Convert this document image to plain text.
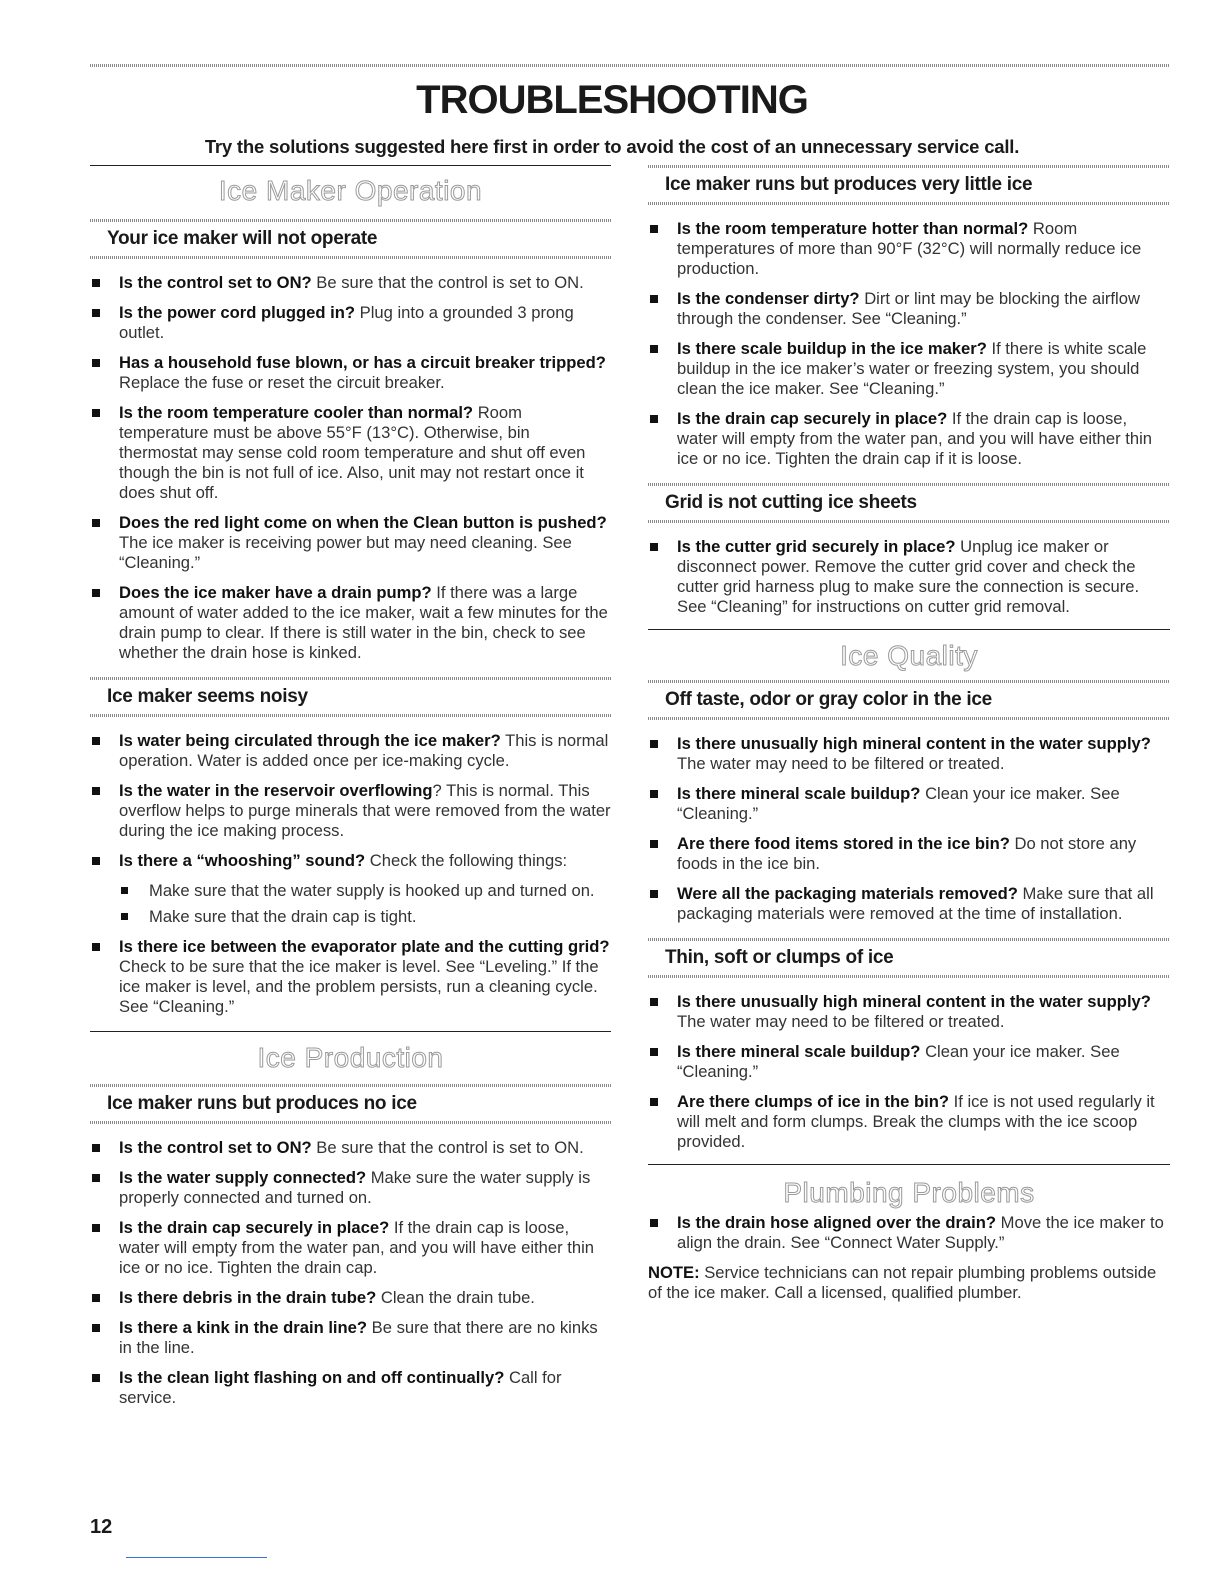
TROUBLESHOOTING

Try the solutions suggested here first in order to avoid the cost of an unnecessary service call.

Ice Maker Operation
Your ice maker will not operate
Is the control set to ON? Be sure that the control is set to ON.
Is the power cord plugged in? Plug into a grounded 3 prong outlet.
Has a household fuse blown, or has a circuit breaker tripped? Replace the fuse or reset the circuit breaker.
Is the room temperature cooler than normal? Room temperature must be above 55°F (13°C). Otherwise, bin thermostat may sense cold room temperature and shut off even though the bin is not full of ice. Also, unit may not restart once it does shut off.
Does the red light come on when the Clean button is pushed? The ice maker is receiving power but may need cleaning. See “Cleaning.”
Does the ice maker have a drain pump? If there was a large amount of water added to the ice maker, wait a few minutes for the drain pump to clear. If there is still water in the bin, check to see whether the drain hose is kinked.
Ice maker seems noisy
Is water being circulated through the ice maker? This is normal operation. Water is added once per ice-making cycle.
Is the water in the reservoir overflowing? This is normal. This overflow helps to purge minerals that were removed from the water during the ice making process.
Is there a “whooshing” sound? Check the following things:
Make sure that the water supply is hooked up and turned on.
Make sure that the drain cap is tight.
Is there ice between the evaporator plate and the cutting grid? Check to be sure that the ice maker is level. See “Leveling.” If the ice maker is level, and the problem persists, run a cleaning cycle. See “Cleaning.”
Ice Production
Ice maker runs but produces no ice
Is the control set to ON? Be sure that the control is set to ON.
Is the water supply connected? Make sure the water supply is properly connected and turned on.
Is the drain cap securely in place? If the drain cap is loose, water will empty from the water pan, and you will have either thin ice or no ice. Tighten the drain cap.
Is there debris in the drain tube? Clean the drain tube.
Is there a kink in the drain line? Be sure that there are no kinks in the line.
Is the clean light flashing on and off continually? Call for service.
Ice maker runs but produces very little ice
Is the room temperature hotter than normal? Room temperatures of more than 90°F (32°C) will normally reduce ice production.
Is the condenser dirty? Dirt or lint may be blocking the airflow through the condenser. See “Cleaning.”
Is there scale buildup in the ice maker? If there is white scale buildup in the ice maker’s water or freezing system, you should clean the ice maker. See “Cleaning.”
Is the drain cap securely in place? If the drain cap is loose, water will empty from the water pan, and you will have either thin ice or no ice. Tighten the drain cap if it is loose.
Grid is not cutting ice sheets
Is the cutter grid securely in place? Unplug ice maker or disconnect power. Remove the cutter grid cover and check the cutter grid harness plug to make sure the connection is secure. See “Cleaning” for instructions on cutter grid removal.
Ice Quality
Off taste, odor or gray color in the ice
Is there unusually high mineral content in the water supply? The water may need to be filtered or treated.
Is there mineral scale buildup? Clean your ice maker. See “Cleaning.”
Are there food items stored in the ice bin? Do not store any foods in the ice bin.
Were all the packaging materials removed? Make sure that all packaging materials were removed at the time of installation.
Thin, soft or clumps of ice
Is there unusually high mineral content in the water supply? The water may need to be filtered or treated.
Is there mineral scale buildup? Clean your ice maker. See “Cleaning.”
Are there clumps of ice in the bin? If ice is not used regularly it will melt and form clumps. Break the clumps with the ice scoop provided.
Plumbing Problems
Is the drain hose aligned over the drain? Move the ice maker to align the drain. See “Connect Water Supply.”

NOTE: Service technicians can not repair plumbing problems outside of the ice maker. Call a licensed, qualified plumber.

12
